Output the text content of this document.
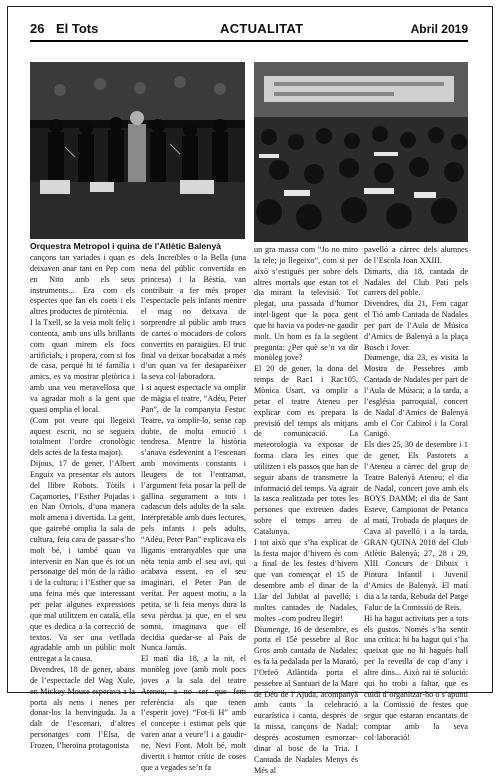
26 El Tots	ACTUALITAT	Abril 2019
Orquestra Metropol i quina de l’Atlètic Balenyà

cançons tan variades i quan es deixaven anar tant en Pep com en Nito amb els seus instruments... Era com els espectes que fan els coets i els altres productes de pirotècnia.

I la Txell, se la veia molt feliç i contenta, amb uns ulls brillants com quan mirem els focs artificials, i propera, com si fos de casa, perquè hi té família i amics, es va mostrar pletòrica i amb una veu meravellosa que va agradar molt a la gent que quasi omplia el local.

(Com pot veure qui llegeixi aquest escrit, no se segueix totalment l’ordre cronològic dels actes de la festa major).

Dijous, 17 de gener, l’Albert Enguix va presentar els autors del llibre Robots. Tòtils i Caçamories, l’Esther Pujadas i en Nan Orriols, d’una manera molt amena i divertida. La gent, que gairebé omplia la sala de cultura, feia cara de passar-s’ho molt bé, i també quan va intervenir en Nan que és tot un personatge del món de la ràdio i de la cultura; i l’Esther que sa una feina més que interessant per pelar algunes expressions que mal utilitzem en català, ella que es dedica a la correcció de textos. Va ser una vetllada agradable amb un públic molt entregat a la causa.

Divendres, 18 de gener, abans de l’espectacle del Wag Xule, en Mickey Mouse esperava a la porta als nens i nenes per donar-los la benvinguda. Ja a dalt de l’escenari, d’altres personatges com l’Elsa, de Frozen, l’heroïna protagonista

dels Increïbles o la Bella (una nena del públic convertida en princesa) i la Bèstia, van contribuir a fer més proper l’espectacle pels infants mentre el mag no deixava de sorprendre al públic amb trucs de cartes o mocadors de colors convertits en paraigües. El truc final va deixar bocabadat a més d’un quan va fer desaparèixer la seva col·laboradora.

I si aquest espectacle va omplir de màgia el teatre, “Adéu, Peter Pan”, de la companyia Festuc Teatre, va omplir-lo, sense cap dubte, de molta emoció i tendresa. Mentre la història s’anava esdevenint a l’escenari amb moviments constants i lleugers de tot l’entramat, l’argument feia posar la pell de gallina segurament a tots i cadascun dels adults de la sala. Interpretable amb dues lectures, pels infants i pels adults, “Adéu, Peter Pan” explicava els lligams entranyables que una nèta tenia amb el seu avi, qui acabava essent, en el seu imaginari, el Peter Pan de veritat. Per aquest motiu, a la petita, se li feia menys dura la seva pèrdua ja que, en el seu somni, imaginava que ell decidia quedar-se al País de Nunca Jamás.

El matí dia 18, a la nit, el monòleg jove (amb molt pocs joves a la sala del teatre Ateneu, a no ser que fem referència als que tenen l’esperit jove) “Fot-li H” amb el concepte i estimat pels que varen anar a veure’l i a gaudir-ne, Nevi Font. Molt bé, molt divertit i humor crític de coses que a vegades se’n fa

un gra massa com “Jo no miro la tele; jo llegeixo”, com si per això s’estigués per sobre dels altres mortals que estan tot el dia mirant la televisió. Tot plegat, una passada d’humor intel·ligent que la poca gent que hi havia va poder-ne gaudir molt. Un hom es fa la següent pregunta: ¿Per què se’n va dir monòleg jove?

El 20 de gener, la dona del temps de Rac1 i Rac105, Mònica Usart, va omplir a petar el teatre Ateneu per explicar com es prepara la previsió del temps als mitjans de comunicació. La meteorologia va exposar de forma clara les eines que utilitzen i els passos que han de seguir abans de transmetre la informació del temps. Va agrair la tasca realitzada per totes les persones que extreuen dades sobre el temps arreu de Catalunya.

I tot això que s’ha explicat de la festa major d’hivern és com a final de les festes d’hivern que van començar el 15 de desembre amb el dinar de la Llar del Jubilat al pavelló; i moltes cantades de Nadales, moltes –com podreu llegir!

Diumenge, 16 de desembre, es porta el 15è pessebre al Roc Gros amb cantada de Nadales; es fa la pedalada per la Marató, l’Orfeó Atlàntida porta el pessebre al Santuari de la Mare de Déu de l’Ajuda, acompanyà amb cants la celebració eucarística i canta, després de la missa, cançons de Nadal; després acostumen esmorzar-dinar al bosc de la Tria. I Cantada de Nadales Menys és Més al

pavelló a càrrec dels alumnes de l’Escola Joan XXIII.

Dimarts, dia 18, cantada de Nadales del Club Patí pels carrers del poble.

Divendres, dia 21, Fem cagar el Tió amb Cantada de Nadales per part de l’Aula de Música d’Amics de Balenyà a la plaça Bosch i Jover.

Diumenge, dia 23, es visita la Mostra de Pessebres amb Cantada de Nadales per part de l’Aula de Música; a la tarda, a l’església parroquial, concert de Nadal d’Amics de Balenyà amb el Cor Cabirol i la Coral Canigó.

Els dies 25, 30 de desembre i 1 de gener, Els Pastorets a l’Ateneu a càrrec del grup de Teatre Balenyà Ateneu; el dia de Nadal, concert jove amb els BOYS DAMM; el dia de Sant Esteve, Campionat de Petanca al matí, Trobada de plaques de Cava al pavelló i a la tarda, GRAN QUINA 2018 del Club Atlètic Balenyà; 27, 28 i 29, XIII Concurs de Dibuix i Pintura Infantil i Juvenil d’Amics de Balenyà. El matí dia a la tarda, Rebuda del Patge Faluc de la Comissió de Reis.

Hi ha hagut activitats per a tots els gustos. Només s’ha sentit una crítica: hi ha hagut qui s’ha queixat que no hi hagués hall per la revetlla de cap d’any i altre dins... Això rai té solució: qui ho trobi a faltar, que es cuidi d’organitzar-ho o s’apunti a la Comissió de festes que segur que estaran encantats de comptar amb la seva col·laboració!
